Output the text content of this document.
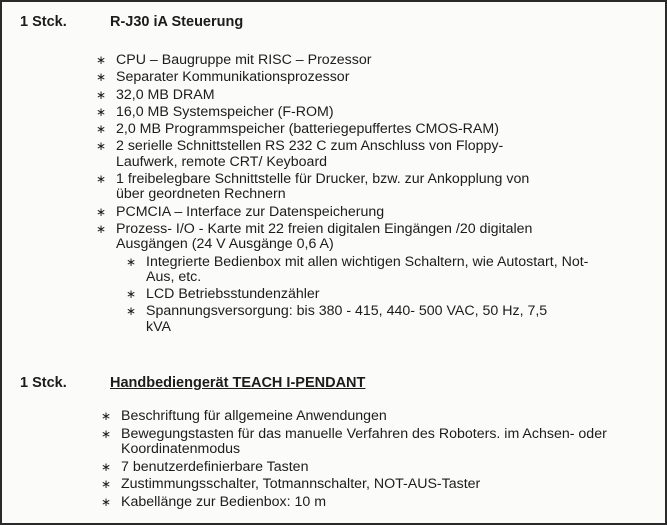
1 Stck.	R-J30 iA Steuerung
∗ CPU – Baugruppe mit RISC – Prozessor
∗ Separater Kommunikationsprozessor
∗ 32,0 MB DRAM
∗ 16,0 MB Systemspeicher (F-ROM)
∗ 2,0 MB Programmspeicher (batteriegepuffertes CMOS-RAM)
∗ 2 serielle Schnittstellen RS 232 C zum Anschluss von Floppy-
Laufwerk, remote CRT/ Keyboard
∗ 1 freibelegbare Schnittstelle für Drucker, bzw. zur Ankopplung von
über geordneten Rechnern
∗ PCMCIA – Interface zur Datenspeicherung
∗ Prozess- I/O - Karte mit 22 freien digitalen Eingängen /20 digitalen
Ausgängen (24 V Ausgänge 0,6 A)
∗ Integrierte Bedienbox mit allen wichtigen Schaltern, wie Autostart, Not-
Aus, etc.
∗ LCD Betriebsstundenzähler
∗ Spannungsversorgung: bis 380 - 415, 440- 500 VAC, 50 Hz, 7,5
kVA
1 Stck.	Handbediengerät TEACH I-PENDANT
∗ Beschriftung für allgemeine Anwendungen
∗ Bewegungstasten für das manuelle Verfahren des Roboters. im Achsen- oder
Koordinatenmodus
∗ 7 benutzerdefinierbare Tasten
∗ Zustimmungsschalter, Totmannschalter, NOT-AUS-Taster
∗ Kabellänge zur Bedienbox: 10 m
